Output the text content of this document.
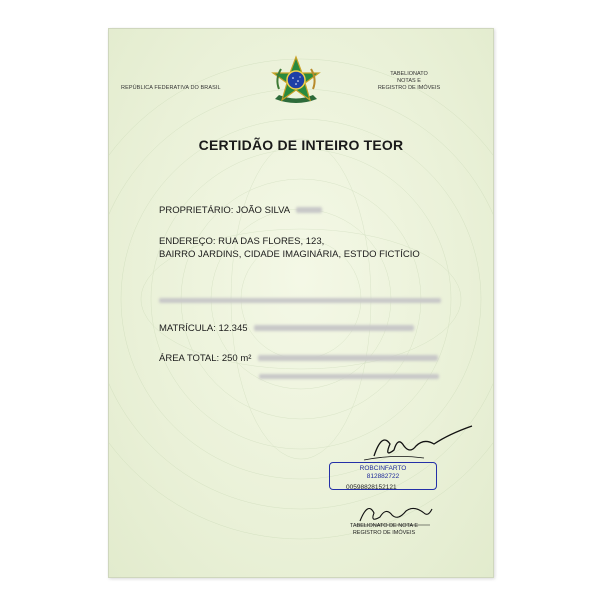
REPÚBLICA FEDERATIVA DO BRASIL
TABELIONATO
NOTAS E
REGISTRO DE IMÓVEIS
CERTIDÃO DE INTEIRO TEOR
PROPRIETÁRIO: JOÃO SILVA
ENDEREÇO: RUA DAS FLORES, 123,
BAIRRO JARDINS, CIDADE IMAGINÁRIA, ESTDO FICTÍCIO
MATRÍCULA: 12.345
ÁREA TOTAL: 250 m²
ROBCINFARTO
812882722
00598828152121
TABELIONATO DE NOTA E
REGISTRO DE IMÓVEIS
